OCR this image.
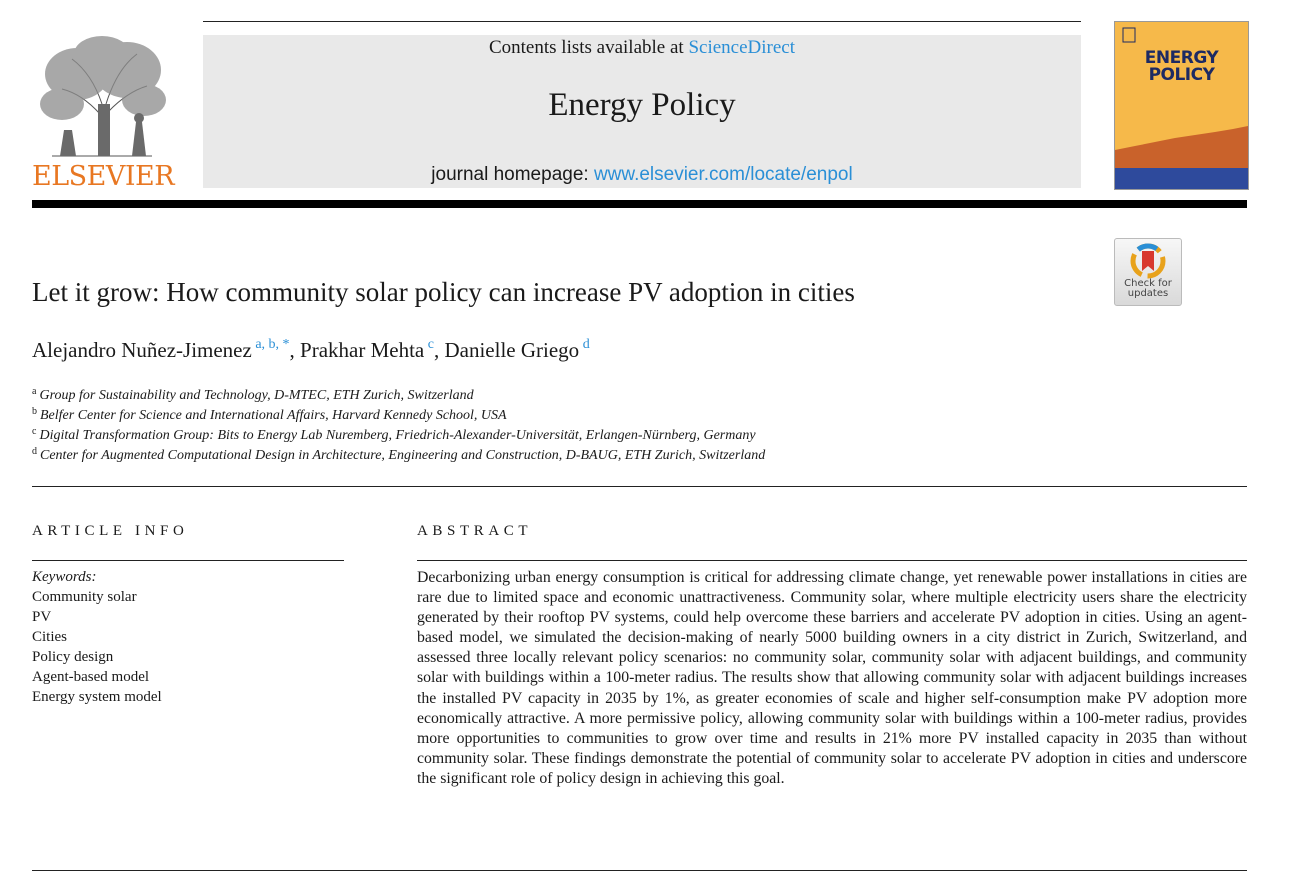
ELSEVIER
Contents lists available at ScienceDirect
Energy Policy
journal homepage: www.elsevier.com/locate/enpol
ENERGY
POLICY
Let it grow: How community solar policy can increase PV adoption in cities	Check for
updates
Alejandro Nuñez-Jimenez $^{a, b, *}$, Prakhar Mehta $^c$, Danielle Griego $^d$
$^a$ Group for Sustainability and Technology, D-MTEC, ETH Zurich, Switzerland
$^b$ Belfer Center for Science and International Affairs, Harvard Kennedy School, USA
$^c$ Digital Transformation Group: Bits to Energy Lab Nuremberg, Friedrich-Alexander-Universität, Erlangen-Nürnberg, Germany
$^d$ Center for Augmented Computational Design in Architecture, Engineering and Construction, D-BAUG, ETH Zurich, Switzerland
ARTICLE INFO
Keywords:
Community solar
PV
Cities
Policy design
Agent-based model
Energy system model
ABSTRACT
Decarbonizing urban energy consumption is critical for addressing climate change, yet renewable power installations in cities are rare due to limited space and economic unattractiveness. Community solar, where multiple electricity users share the electricity generated by their rooftop PV systems, could help overcome these barriers and accelerate PV adoption in cities. Using an agent-based model, we simulated the decision-making of nearly 5000 building owners in a city district in Zurich, Switzerland, and assessed three locally relevant policy scenarios: no community solar, community solar with adjacent buildings, and community solar with buildings within a 100-meter radius. The results show that allowing community solar with adjacent buildings increases the installed PV capacity in 2035 by 1%, as greater economies of scale and higher self-consumption make PV adoption more economically attractive. A more permissive policy, allowing community solar with buildings within a 100-meter radius, provides more opportunities to communities to grow over time and results in 21% more PV installed capacity in 2035 than without community solar. These findings demonstrate the potential of community solar to accelerate PV adoption in cities and underscore the significant role of policy design in achieving this goal.
